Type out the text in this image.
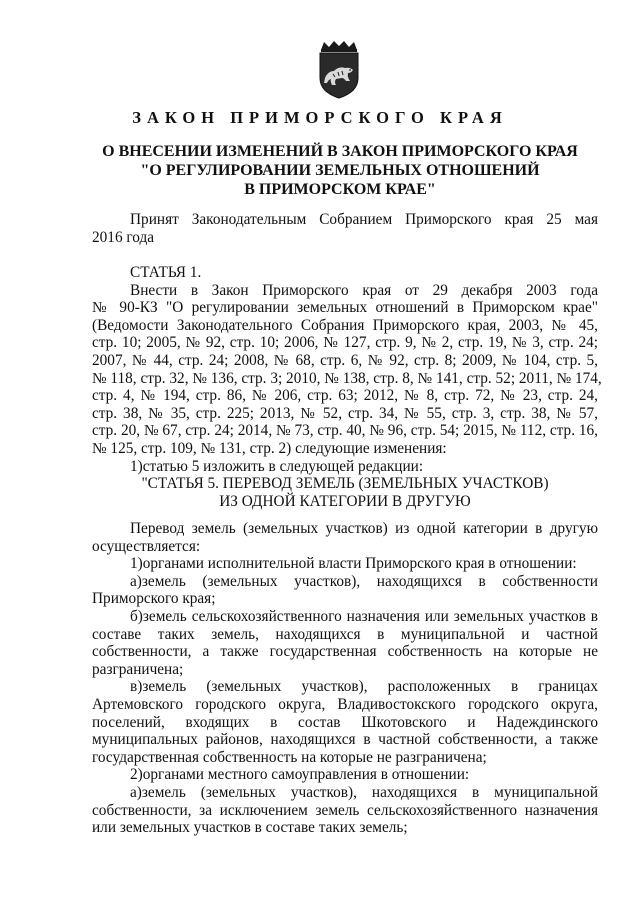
ЗАКОН ПРИМОРСКОГО КРАЯ
О ВНЕСЕНИИ ИЗМЕНЕНИЙ В ЗАКОН ПРИМОРСКОГО КРАЯ
"О РЕГУЛИРОВАНИИ ЗЕМЕЛЬНЫХ ОТНОШЕНИЙ
В ПРИМОРСКОМ КРАЕ"
Принят Законодательным Собранием Приморского края 25 мая
2016 года
СТАТЬЯ 1.
Внести в Закон Приморского края от 29 декабря 2003 года
№ 90-КЗ "О регулировании земельных отношений в Приморском крае"
(Ведомости Законодательного Собрания Приморского края, 2003, № 45,
стр. 10; 2005, № 92, стр. 10; 2006, № 127, стр. 9, № 2, стр. 19, № 3, стр. 24;
2007, № 44, стр. 24; 2008, № 68, стр. 6, № 92, стр. 8; 2009, № 104, стр. 5,
№ 118, стр. 32, № 136, стр. 3; 2010, № 138, стр. 8, № 141, стр. 52; 2011, № 174,
стр. 4, № 194, стр. 86, № 206, стр. 63; 2012, № 8, стр. 72, № 23, стр. 24,
стр. 38, № 35, стр. 225; 2013, № 52, стр. 34, № 55, стр. 3, стр. 38, № 57,
стр. 20, № 67, стр. 24; 2014, № 73, стр. 40, № 96, стр. 54; 2015, № 112, стр. 16,
№ 125, стр. 109, № 131, стр. 2) следующие изменения:
1)статью 5 изложить в следующей редакции:
"СТАТЬЯ 5. ПЕРЕВОД ЗЕМЕЛЬ (ЗЕМЕЛЬНЫХ УЧАСТКОВ)
ИЗ ОДНОЙ КАТЕГОРИИ В ДРУГУЮ
Перевод земель (земельных участков) из одной категории в другую
осуществляется:
1)органами исполнительной власти Приморского края в отношении:
а)земель (земельных участков), находящихся в собственности
Приморского края;
б)земель сельскохозяйственного назначения или земельных участков в
составе таких земель, находящихся в муниципальной и частной
собственности, а также государственная собственность на которые не
разграничена;
в)земель (земельных участков), расположенных в границах
Артемовского городского округа, Владивостокского городского округа,
поселений, входящих в состав Шкотовского и Надеждинского
муниципальных районов, находящихся в частной собственности, а также
государственная собственность на которые не разграничена;
2)органами местного самоуправления в отношении:
а)земель (земельных участков), находящихся в муниципальной
собственности, за исключением земель сельскохозяйственного назначения
или земельных участков в составе таких земель;
